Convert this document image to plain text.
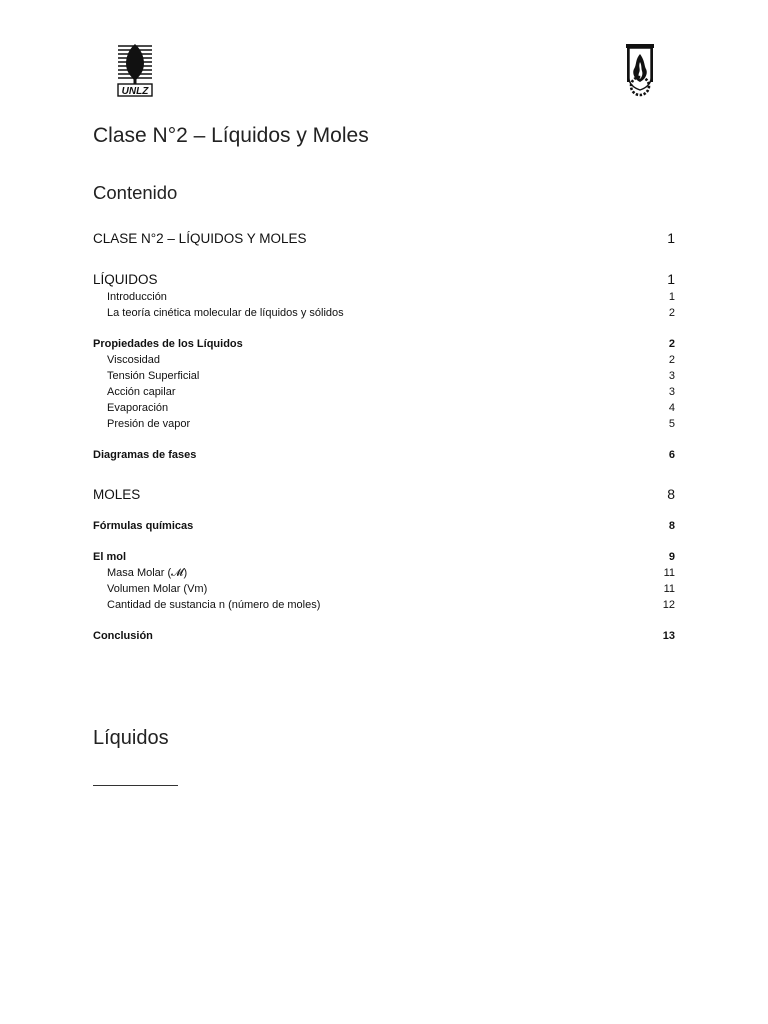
UNLZ
Clase N°2 – Líquidos y Moles
Contenido
CLASE N°2 – LÍQUIDOS Y MOLES	1
LÍQUIDOS	1
Introducción	1
La teoría cinética molecular de líquidos y sólidos	2
Propiedades de los Líquidos	2
Viscosidad	2
Tensión Superficial	3
Acción capilar	3
Evaporación	4
Presión de vapor	5
Diagramas de fases	6
MOLES	8
Fórmulas químicas	8
El mol	9
Masa Molar (𝓜)	11
Volumen Molar (Vm)	11
Cantidad de sustancia n (número de moles)	12
Conclusión	13
Líquidos
